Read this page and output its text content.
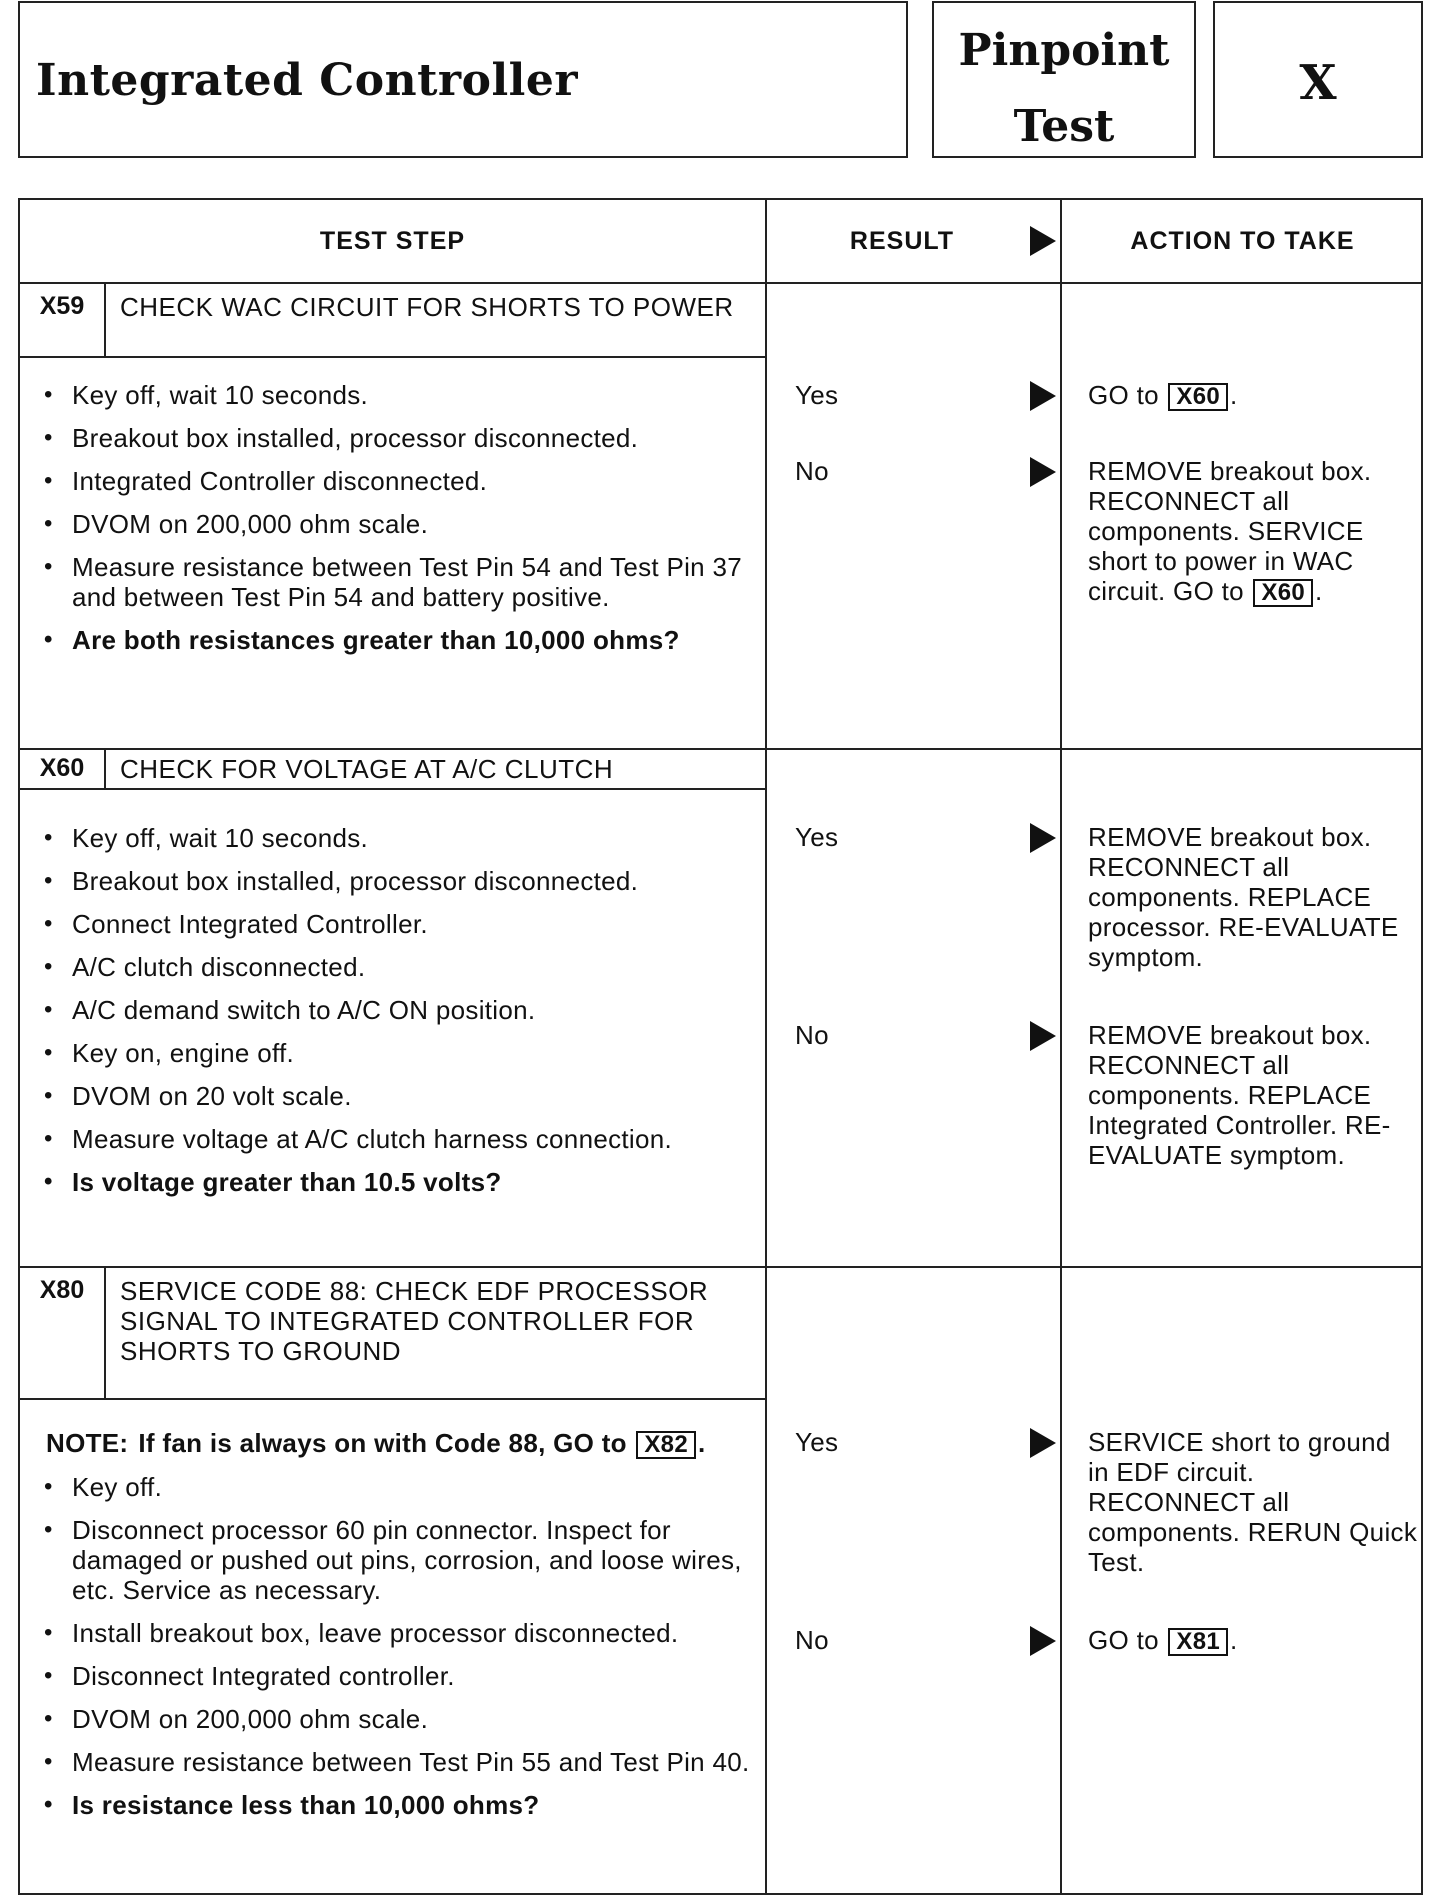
Integrated Controller
Pinpoint
Test
X
TEST STEP	RESULT	ACTION TO TAKE
X59	CHECK WAC CIRCUIT FOR SHORTS TO POWER
• Key off, wait 10 seconds.
• Breakout box installed, processor disconnected.
• Integrated Controller disconnected.
• DVOM on 200,000 ohm scale.
• Measure resistance between Test Pin 54 and Test Pin 37 and between Test Pin 54 and battery positive.
• Are both resistances greater than 10,000 ohms?
Yes	GO to X60 .
No	REMOVE breakout box. RECONNECT all components. SERVICE short to power in WAC circuit. GO to X60 .
X60	CHECK FOR VOLTAGE AT A/C CLUTCH
• Key off, wait 10 seconds.
• Breakout box installed, processor disconnected.
• Connect Integrated Controller.
• A/C clutch disconnected.
• A/C demand switch to A/C ON position.
• Key on, engine off.
• DVOM on 20 volt scale.
• Measure voltage at A/C clutch harness connection.
• Is voltage greater than 10.5 volts?
Yes	REMOVE breakout box. RECONNECT all components. REPLACE processor. RE-EVALUATE symptom.
No	REMOVE breakout box. RECONNECT all components. REPLACE Integrated Controller. RE-EVALUATE symptom.
X80	SERVICE CODE 88: CHECK EDF PROCESSOR SIGNAL TO INTEGRATED CONTROLLER FOR SHORTS TO GROUND
NOTE: If fan is always on with Code 88, GO to X82 .
• Key off.
• Disconnect processor 60 pin connector. Inspect for damaged or pushed out pins, corrosion, and loose wires, etc. Service as necessary.
• Install breakout box, leave processor disconnected.
• Disconnect Integrated controller.
• DVOM on 200,000 ohm scale.
• Measure resistance between Test Pin 55 and Test Pin 40.
• Is resistance less than 10,000 ohms?
Yes	SERVICE short to ground in EDF circuit. RECONNECT all components. RERUN Quick Test.
No	GO to X81 .
